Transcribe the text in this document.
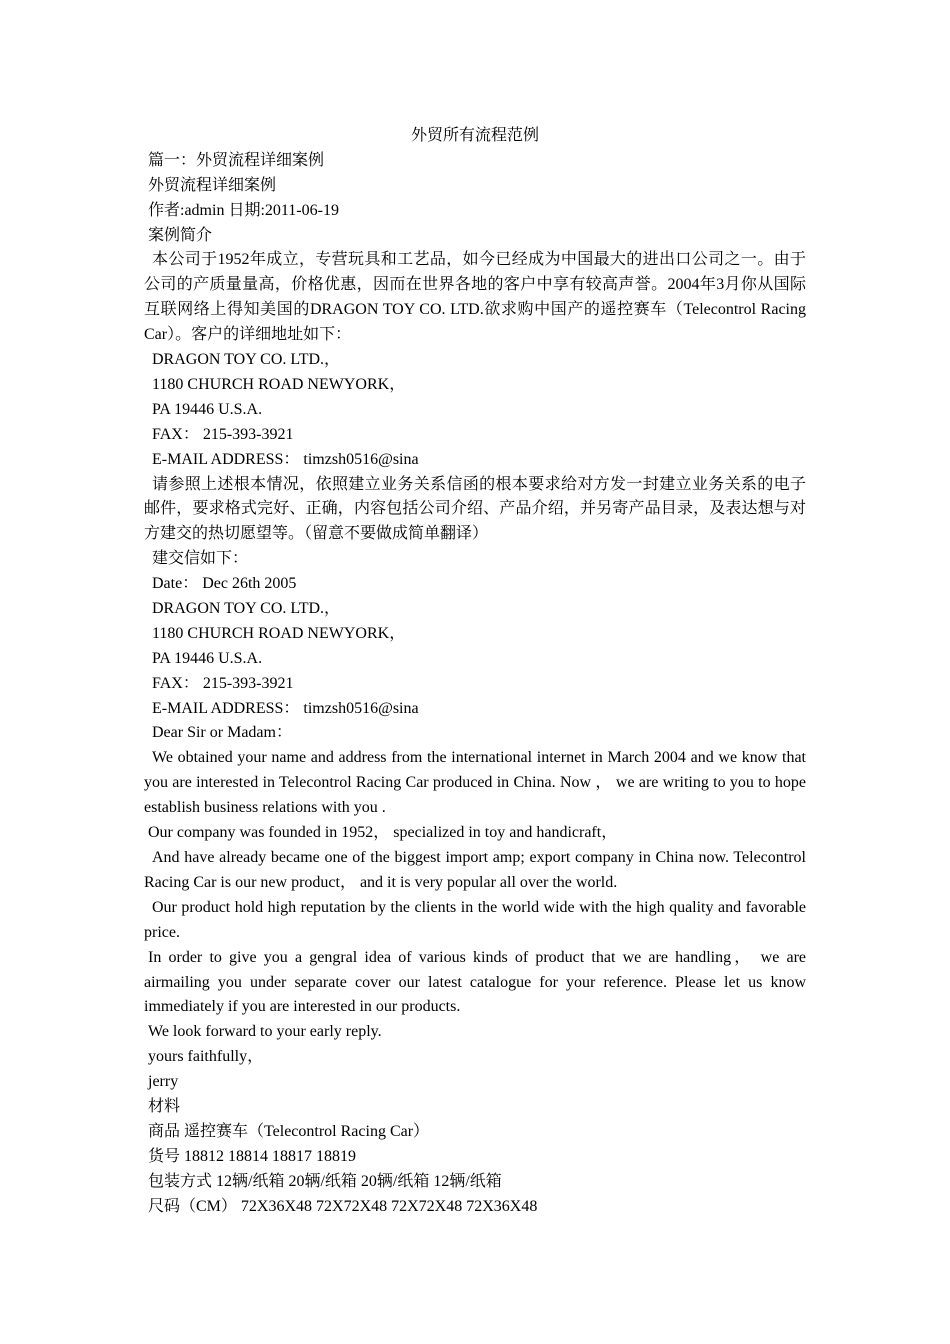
外贸所有流程范例
篇一：外贸流程详细案例
外贸流程详细案例
作者:admin 日期:2011-06-19
案例简介
本公司于1952年成立，专营玩具和工艺品，如今已经成为中国最大的进出口公司之一。由于公司的产质量量高，价格优惠，因而在世界各地的客户中享有较高声誉。2004年3月你从国际互联网络上得知美国的DRAGON TOY CO. LTD.欲求购中国产的遥控赛车（Telecontrol Racing Car）。客户的详细地址如下：
DRAGON TOY CO. LTD.，
1180 CHURCH ROAD NEWYORK，
PA 19446 U.S.A.
FAX： 215-393-3921
E-MAIL ADDRESS： timzsh0516@sina
请参照上述根本情况，依照建立业务关系信函的根本要求给对方发一封建立业务关系的电子邮件，要求格式完好、正确，内容包括公司介绍、产品介绍，并另寄产品目录，及表达想与对方建交的热切愿望等。（留意不要做成简单翻译）
建交信如下：
Date： Dec 26th 2005
DRAGON TOY CO. LTD.，
1180 CHURCH ROAD NEWYORK，
PA 19446 U.S.A.
FAX： 215-393-3921
E-MAIL ADDRESS： timzsh0516@sina
Dear Sir or Madam：
We obtained your name and address from the international internet in March 2004 and we know that you are interested in Telecontrol Racing Car produced in China. Now ， we are writing to you to hope establish business relations with you .
Our company was founded in 1952， specialized in toy and handicraft，
And have already became one of the biggest import amp; export company in China now. Telecontrol Racing Car is our new product， and it is very popular all over the world.
Our product hold high reputation by the clients in the world wide with the high quality and favorable price.
In order to give you a gengral idea of various kinds of product that we are handling， we are airmailing you under separate cover our latest catalogue for your reference. Please let us know immediately if you are interested in our products.
We look forward to your early reply.
yours faithfully，
jerry
材料
商品 遥控赛车（Telecontrol Racing Car）
货号 18812 18814 18817 18819
包装方式 12辆/纸箱 20辆/纸箱 20辆/纸箱 12辆/纸箱
尺码（CM） 72X36X48 72X72X48 72X72X48 72X36X48
